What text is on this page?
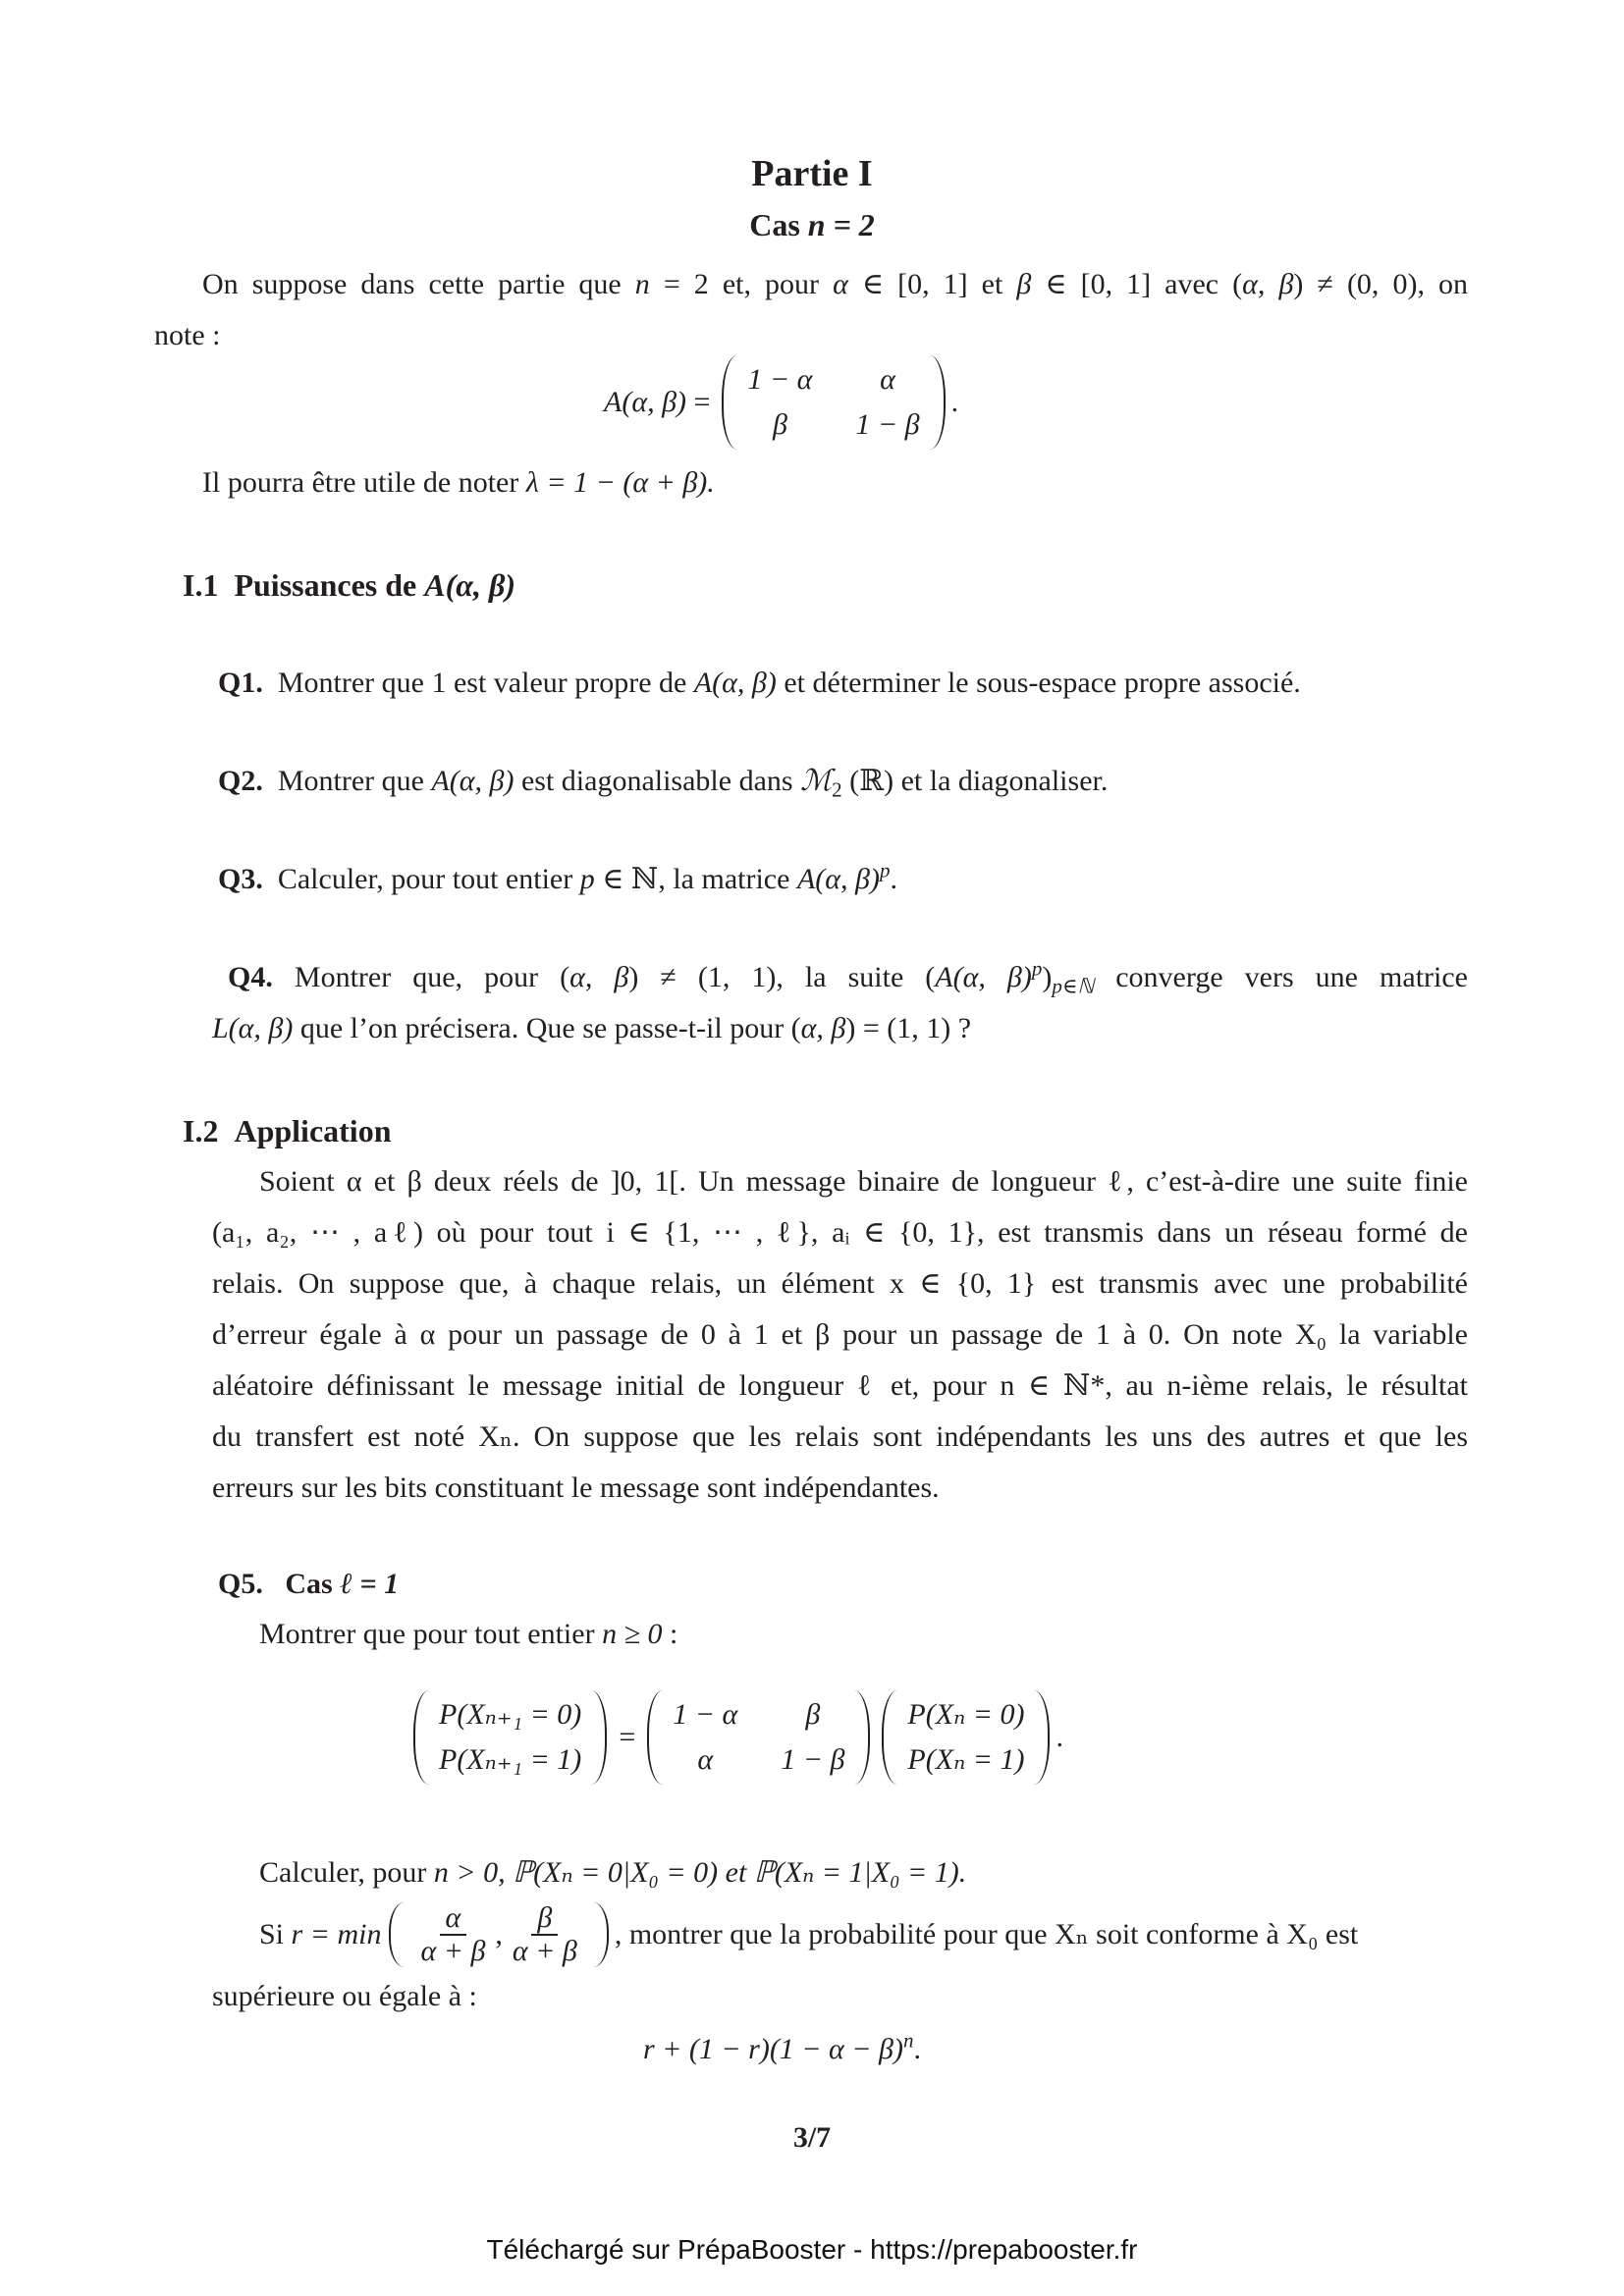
Partie I
Cas n = 2
On suppose dans cette partie que n = 2 et, pour α ∈ [0, 1] et β ∈ [0, 1] avec (α, β) ≠ (0, 0), on
note :
A(α, β) =
1 − α	α
β	1 − β
.
Il pourra être utile de noter λ = 1 − (α + β).
I.1 Puissances de A(α, β)
Q1. Montrer que 1 est valeur propre de A(α, β) et déterminer le sous-espace propre associé.
Q2. Montrer que A(α, β) est diagonalisable dans ℳ$_2$ (ℝ) et la diagonaliser.
Q3. Calculer, pour tout entier p ∈ ℕ, la matrice A(α, β)$^p$.
Q4. Montrer que, pour (α, β) ≠ (1, 1), la suite (A(α, $\beta)^p)_{p\in ℕ}$ converge vers une matrice
L(α, β) que l’on précisera. Que se passe-t-il pour (α, β) = (1, 1) ?
I.2 Application
Soient α et β deux réels de ]0, 1[. Un message binaire de longueur ℓ, c’est-à-dire une suite finie
(a₁, a₂, ⋯ , aℓ) où pour tout i ∈ {1, ⋯ , ℓ}, aᵢ ∈ {0, 1}, est transmis dans un réseau formé de
relais. On suppose que, à chaque relais, un élément x ∈ {0, 1} est transmis avec une probabilité
d’erreur égale à α pour un passage de 0 à 1 et β pour un passage de 1 à 0. On note X₀ la variable
aléatoire définissant le message initial de longueur ℓ et, pour n ∈ ℕ*, au n-ième relais, le résultat
du transfert est noté Xₙ. On suppose que les relais sont indépendants les uns des autres et que les
erreurs sur les bits constituant le message sont indépendantes.
Q5. Cas ℓ = 1
Montrer que pour tout entier n ≥ 0 :
P(Xₙ₊₁ = 0)
P(Xₙ₊₁ = 1)
=
1 − α	β
α	1 − β
P(Xₙ = 0)
P(Xₙ = 1)
.
Calculer, pour n > 0, ℙ(Xₙ = 0|X₀ = 0) et ℙ(Xₙ = 1|X₀ = 1).
Si
$r = \min \frac{\alpha}{\alpha + \beta}$ , $\frac{\beta}{\alpha + \beta}$ , montrer que la probabilité pour que Xₙ soit conforme à X₀ est
supérieure ou égale à :
$r + (1 - r)(1 - \alpha - \beta)^n$.
3/7
Téléchargé sur PrépaBooster - https://prepabooster.fr
